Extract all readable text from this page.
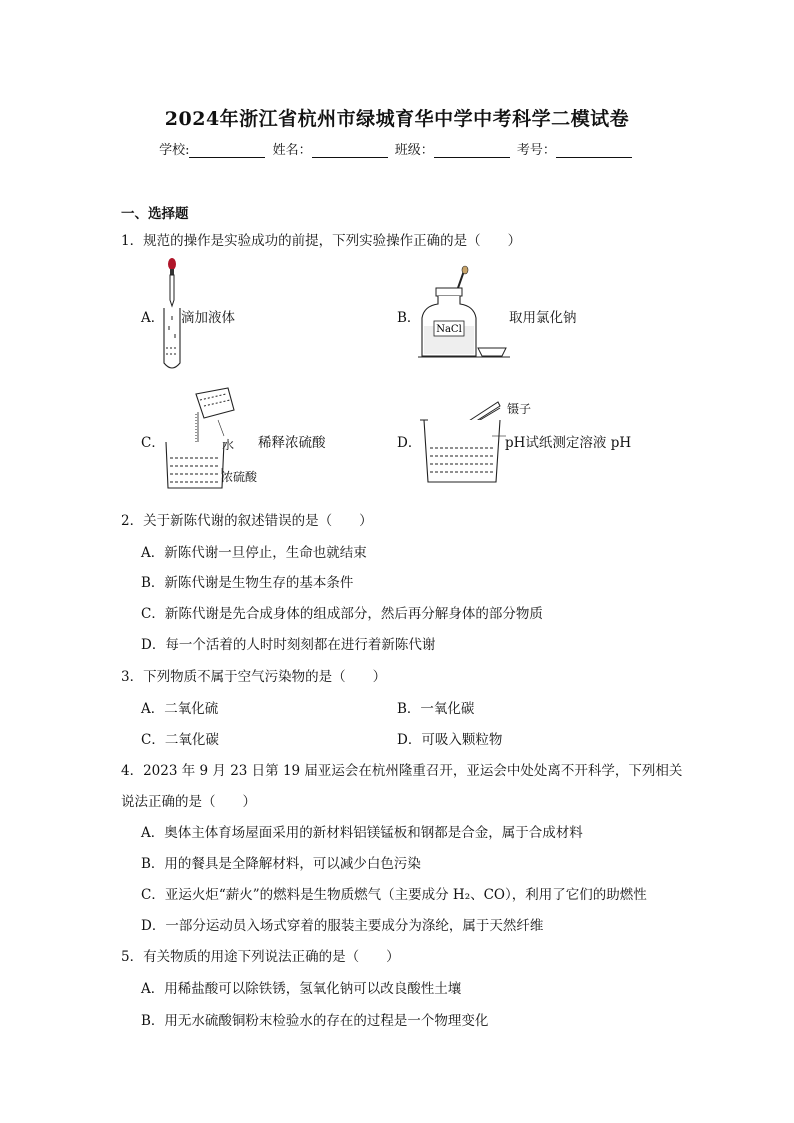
2024年浙江省杭州市绿城育华中学中考科学二模试卷
学校:	姓名：	班级：	考号：
一、选择题
1．规范的操作是实验成功的前提，下列实验操作正确的是（　　）
A． 滴加液体	B．
NaCl
取用氯化钠
C．	水
浓硫酸
稀释浓硫酸	D．
镊子
pH试纸测定溶液 pH
2．关于新陈代谢的叙述错误的是（　　）
A．新陈代谢一旦停止，生命也就结束
B．新陈代谢是生物生存的基本条件
C．新陈代谢是先合成身体的组成部分，然后再分解身体的部分物质
D．每一个活着的人时时刻刻都在进行着新陈代谢
3．下列物质不属于空气污染物的是（　　）
A．二氧化硫	B．一氧化碳
C．二氧化碳	D．可吸入颗粒物
4．2023 年 9 月 23 日第 19 届亚运会在杭州隆重召开，亚运会中处处离不开科学，下列相关
说法正确的是（　　）
A．奥体主体育场屋面采用的新材料铝镁锰板和钢都是合金，属于合成材料
B．用的餐具是全降解材料，可以减少白色污染
C．亚运火炬“薪火”的燃料是生物质燃气（主要成分 H₂、CO），利用了它们的助燃性
D．一部分运动员入场式穿着的服装主要成分为涤纶，属于天然纤维
5．有关物质的用途下列说法正确的是（　　）
A．用稀盐酸可以除铁锈，氢氧化钠可以改良酸性土壤
B．用无水硫酸铜粉末检验水的存在的过程是一个物理变化
